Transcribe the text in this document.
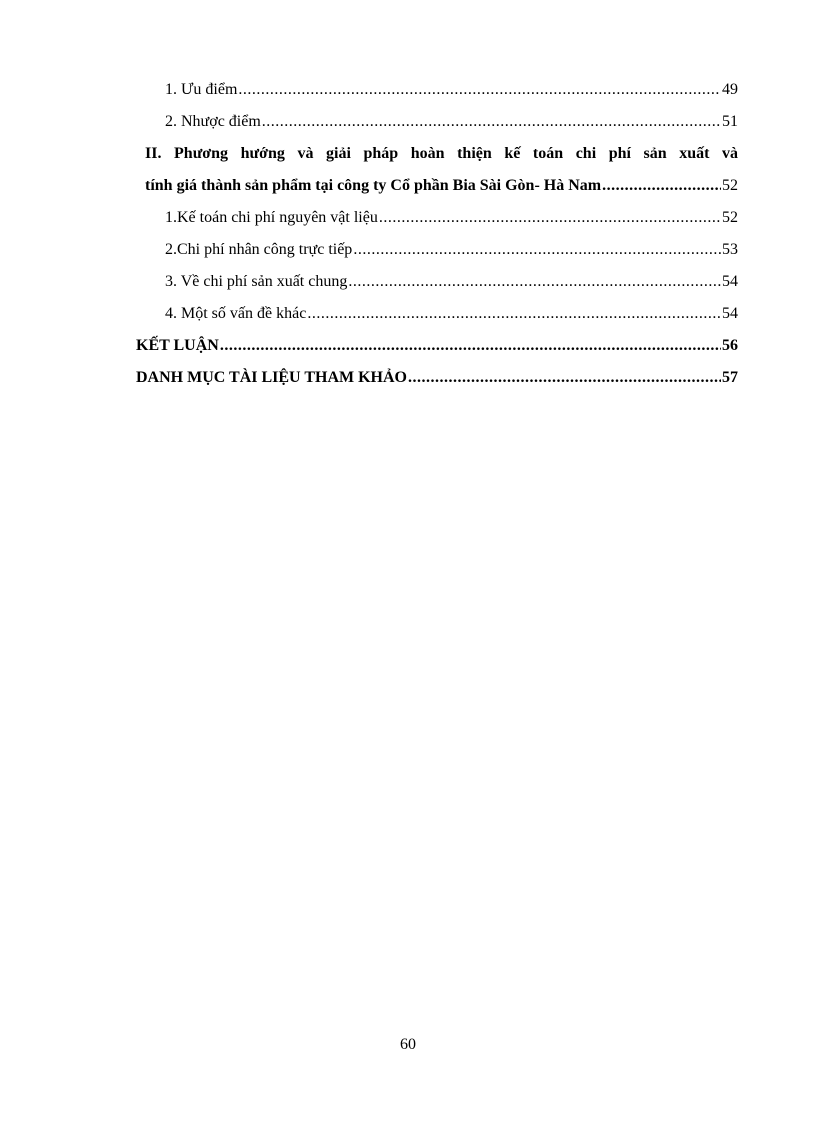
1. Ưu điểm .....	49
2. Nhược điểm .....	51
II. Phương hướng và giải pháp hoàn thiện kế toán chi phí sản xuất và
tính giá thành sản phẩm tại công ty Cổ phần Bia Sài Gòn- Hà Nam .....	52
1.Kế toán chi phí nguyên vật liệu .....	52
2.Chi phí nhân công trực tiếp .....	53
3. Về chi phí sản xuất chung .....	54
4. Một số vấn đề khác .....	54
KẾT LUẬN .....	56
DANH MỤC TÀI LIỆU THAM KHẢO .....	57
60
